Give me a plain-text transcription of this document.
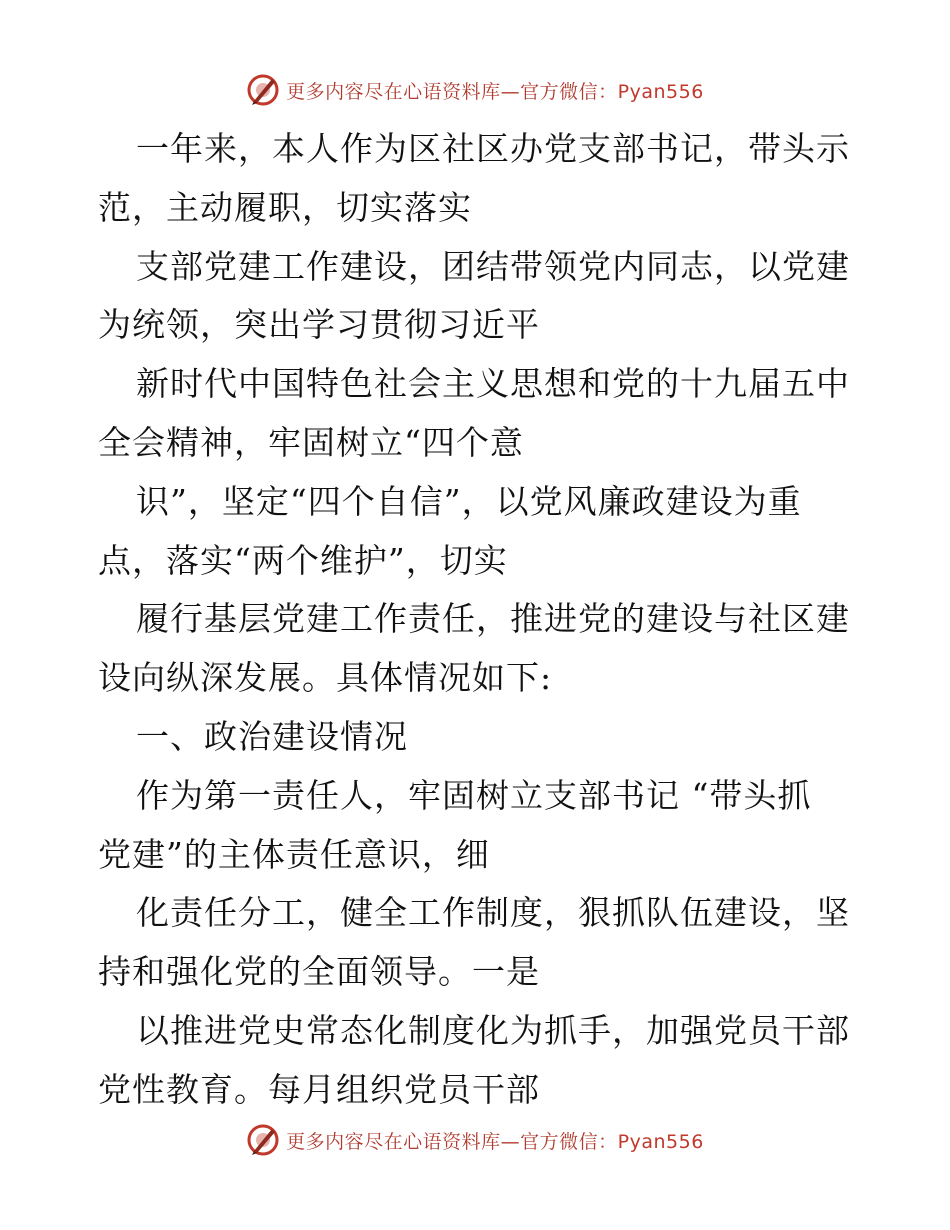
更多内容尽在心语资料库—官方微信：Pyan556
一年来，本人作为区社区办党支部书记，带头示
范，主动履职，切实落实
支部党建工作建设，团结带领党内同志，以党建
为统领，突出学习贯彻习近平
新时代中国特色社会主义思想和党的十九届五中
全会精神，牢固树立“四个意
识”，坚定“四个自信”，以党风廉政建设为重
点，落实“两个维护”，切实
履行基层党建工作责任，推进党的建设与社区建
设向纵深发展。具体情况如下:
一、政治建设情况
作为第一责任人，牢固树立支部书记 “带头抓
党建”的主体责任意识，细
化责任分工，健全工作制度，狠抓队伍建设，坚
持和强化党的全面领导。一是
以推进党史常态化制度化为抓手，加强党员干部
党性教育。每月组织党员干部
更多内容尽在心语资料库—官方微信：Pyan556
